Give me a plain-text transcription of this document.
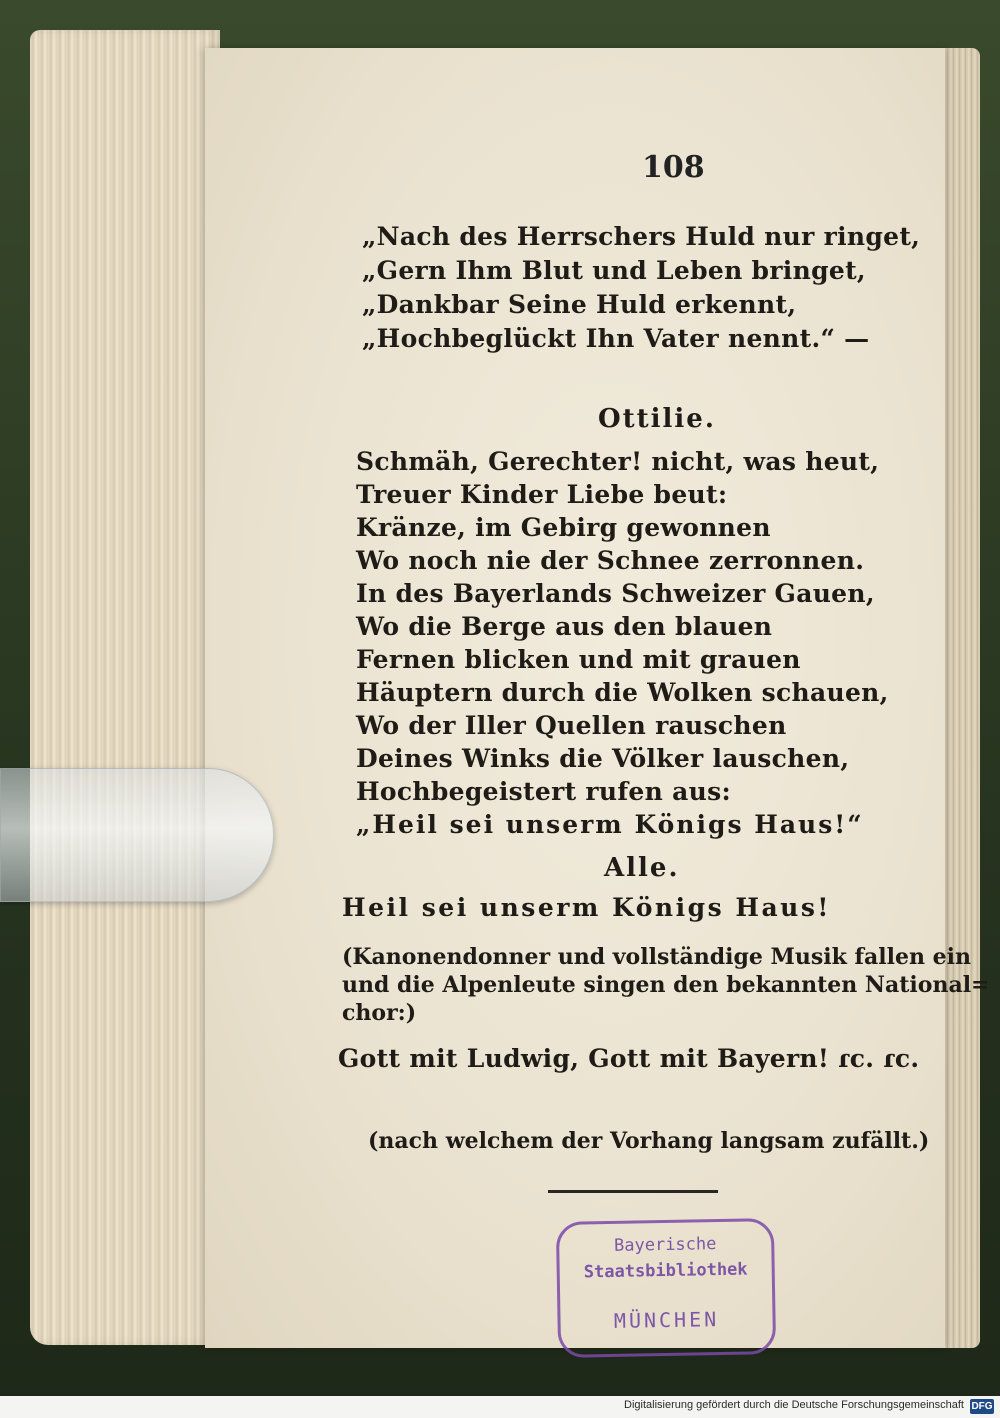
108

„Nach des Herrschers Huld nur ringet,

„Gern Ihm Blut und Leben bringet,

„Dankbar Seine Huld erkennt,

„Hochbeglückt Ihn Vater nennt.“ —

Ottilie.

Schmäh, Gerechter! nicht, was heut,

Treuer Kinder Liebe beut:

Kränze, im Gebirg gewonnen

Wo noch nie der Schnee zerronnen.

In des Bayerlands Schweizer Gauen,

Wo die Berge aus den blauen

Fernen blicken und mit grauen

Häuptern durch die Wolken schauen,

Wo der Iller Quellen rauschen

Deines Winks die Völker lauschen,

Hochbegeistert rufen aus:

„Heil sei unserm Königs Haus!“

Alle.

Heil sei unserm Königs Haus!

(Kanonendonner und vollständige Musik fallen ein

und die Alpenleute singen den bekannten National=

chor:)

Gott mit Ludwig, Gott mit Bayern! ɾc. ɾc.

(nach welchem der Vorhang langsam zufällt.)

Bayerische
Staatsbibliothek
MÜNCHEN
Digitalisierung gefördert durch die Deutsche Forschungsgemeinschaft DFG
